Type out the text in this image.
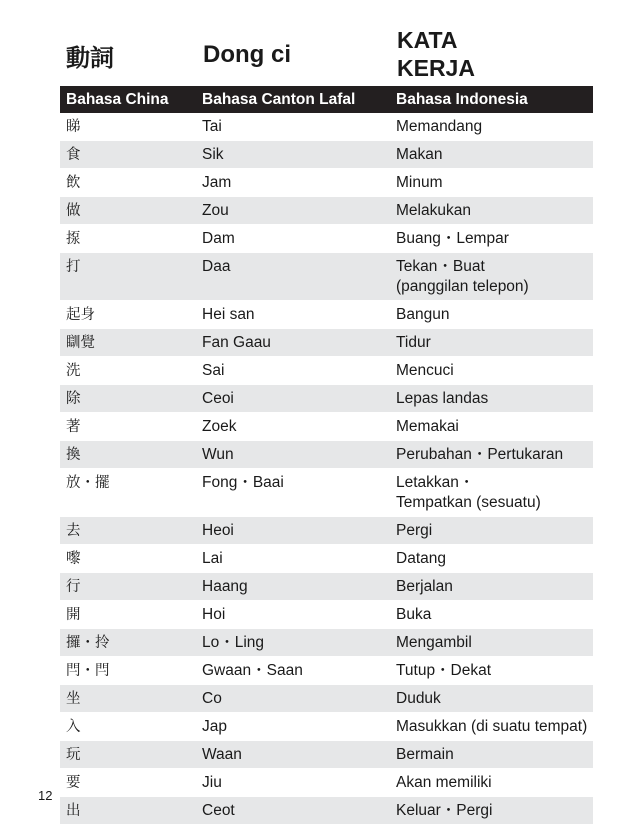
動詞	Dong ci
KATA
KERJA
Bahasa China	Bahasa Canton Lafal	Bahasa Indonesia
睇	Tai	Memandang
食	Sik	Makan
飲	Jam	Minum
做	Zou	Melakukan
揼	Dam	Buang・Lempar
打	Daa	Tekan・Buat
(panggilan telepon)

起身	Hei san	Bangun
瞓覺	Fan Gaau	Tidur
洗	Sai	Mencuci
除	Ceoi	Lepas landas
著	Zoek	Memakai
換	Wun	Perubahan・Pertukaran
放・擺	Fong・Baai	Letakkan・
Tempatkan (sesuatu)

去	Heoi	Pergi
嚟	Lai	Datang
行	Haang	Berjalan
開	Hoi	Buka
攞・拎	Lo・Ling	Mengambil
閂・閂	Gwaan・Saan	Tutup・Dekat
坐	Co	Duduk
入	Jap	Masukkan (di suatu tempat)
玩	Waan	Bermain
要	Jiu	Akan memiliki
出	Ceot	Keluar・Pergi
12
